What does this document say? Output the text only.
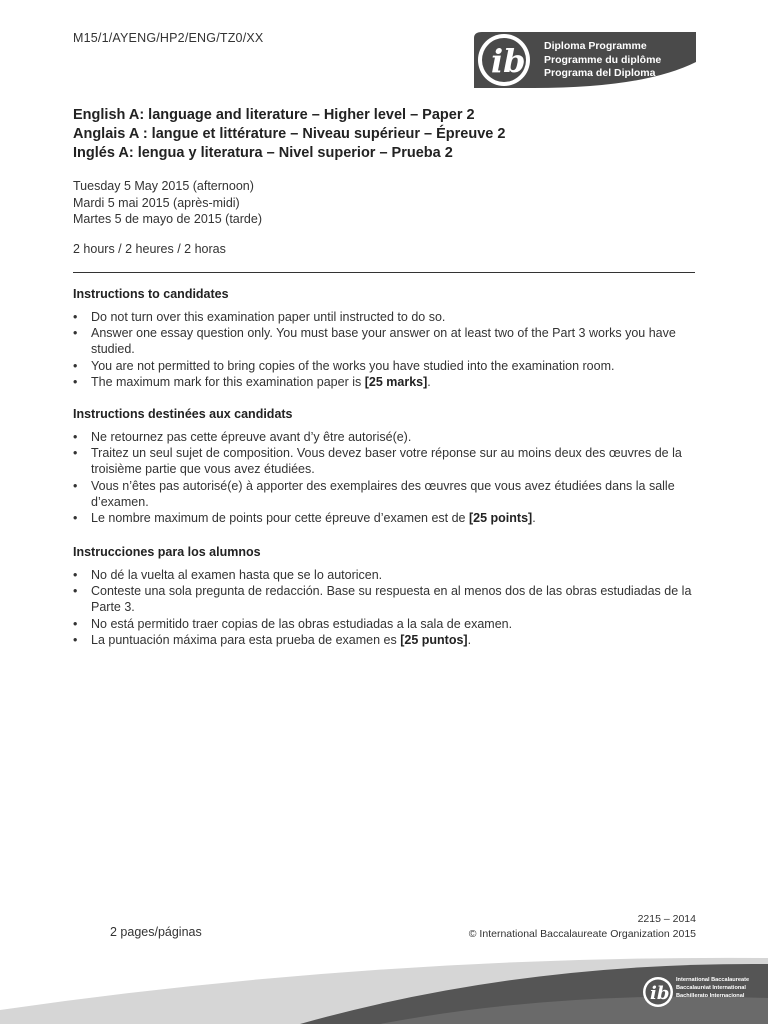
M15/1/AYENG/HP2/ENG/TZ0/XX
ib Diploma Programme
Programme du diplôme
Programa del Diploma
English A: language and literature – Higher level – Paper 2
Anglais A : langue et littérature – Niveau supérieur – Épreuve 2
Inglés A: lengua y literatura – Nivel superior – Prueba 2
Tuesday 5 May 2015 (afternoon)
Mardi 5 mai 2015 (après-midi)
Martes 5 de mayo de 2015 (tarde)
2 hours / 2 heures / 2 horas
Instructions to candidates
• Do not turn over this examination paper until instructed to do so.
• Answer one essay question only. You must base your answer on at least two of the Part 3 works you have studied.
• You are not permitted to bring copies of the works you have studied into the examination room.
• The maximum mark for this examination paper is [25 marks].
Instructions destinées aux candidats
• Ne retournez pas cette épreuve avant d’y être autorisé(e).
• Traitez un seul sujet de composition. Vous devez baser votre réponse sur au moins deux des œuvres de la troisième partie que vous avez étudiées.
• Vous n’êtes pas autorisé(e) à apporter des exemplaires des œuvres que vous avez étudiées dans la salle d’examen.
• Le nombre maximum de points pour cette épreuve d’examen est de [25 points].
Instrucciones para los alumnos
• No dé la vuelta al examen hasta que se lo autoricen.
• Conteste una sola pregunta de redacción. Base su respuesta en al menos dos de las obras estudiadas de la Parte 3.
• No está permitido traer copias de las obras estudiadas a la sala de examen.
• La puntuación máxima para esta prueba de examen es [25 puntos].
2 pages/páginas
2215 – 2014
© International Baccalaureate Organization 2015
ib
International Baccalaureate
Baccalauréat International
Bachillerato Internacional
